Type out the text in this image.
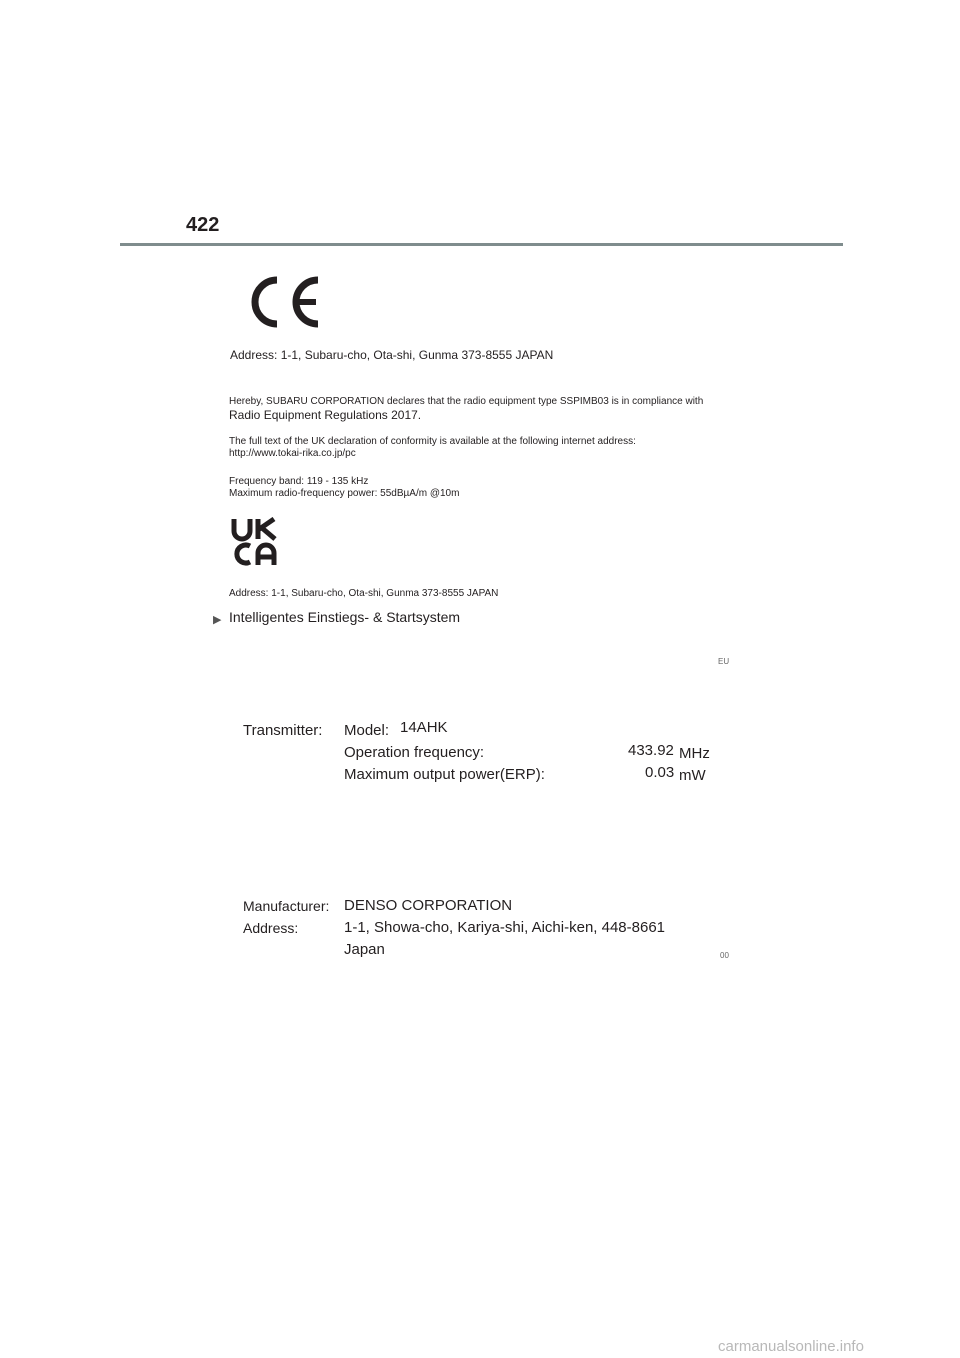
422
Address: 1-1, Subaru-cho, Ota-shi, Gunma 373-8555 JAPAN
Hereby, SUBARU CORPORATION declares that the radio equipment type SSPIMB03 is in compliance with
Radio Equipment Regulations 2017.
The full text of the UK declaration of conformity is available at the following internet address:
http://www.tokai-rika.co.jp/pc
Frequency band: 119 - 135 kHz
Maximum radio-frequency power: 55dBµA/m @10m
Address: 1-1, Subaru-cho, Ota-shi, Gunma 373-8555 JAPAN
▶ Intelligentes Einstiegs- & Startsystem
EU
Transmitter: Model: 14AHK
Operation frequency:	433.92 MHz
Maximum output power(ERP):	0.03 mW
Manufacturer: DENSO CORPORATION
Address:	1-1, Showa-cho, Kariya-shi, Aichi-ken, 448-8661
Japan	00
carmanualsonline.info
